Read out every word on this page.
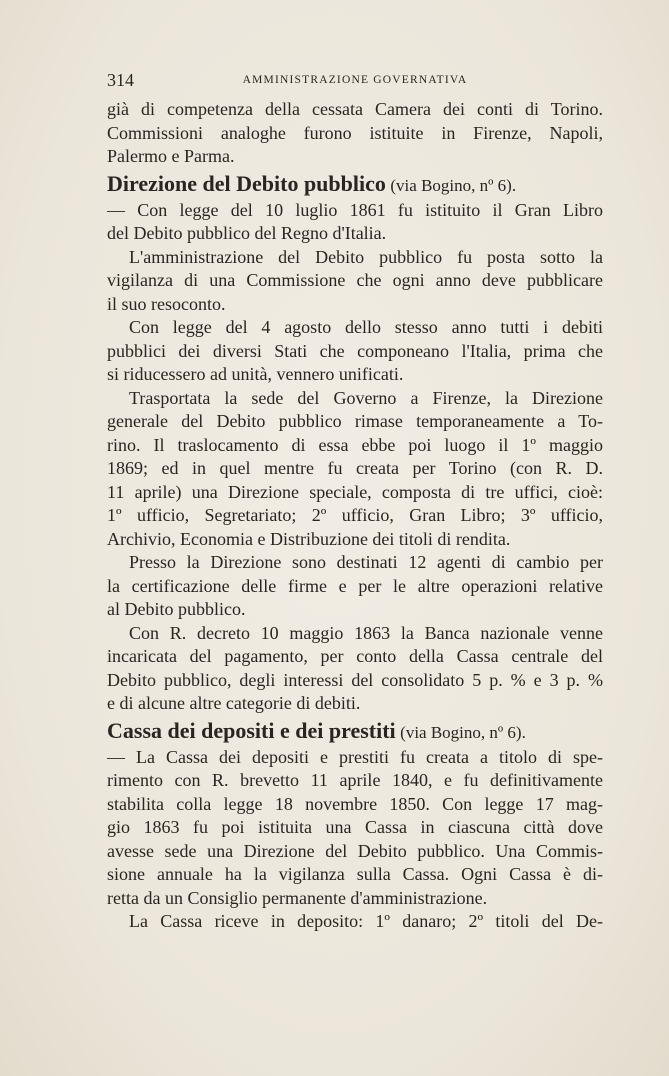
314	AMMINISTRAZIONE GOVERNATIVA
già di competenza della cessata Camera dei conti di Torino.
Commissioni analoghe furono istituite in Firenze, Napoli,
Palermo e Parma.
Direzione del Debito pubblico (via Bogino, nº 6).
— Con legge del 10 luglio 1861 fu istituito il Gran Libro
del Debito pubblico del Regno d'Italia.
L'amministrazione del Debito pubblico fu posta sotto la
vigilanza di una Commissione che ogni anno deve pubblicare
il suo resoconto.
Con legge del 4 agosto dello stesso anno tutti i debiti
pubblici dei diversi Stati che componeano l'Italia, prima che
si riducessero ad unità, vennero unificati.
Trasportata la sede del Governo a Firenze, la Direzione
generale del Debito pubblico rimase temporaneamente a To-
rino. Il traslocamento di essa ebbe poi luogo il 1º maggio
1869; ed in quel mentre fu creata per Torino (con R. D.
11 aprile) una Direzione speciale, composta di tre uffici, cioè:
1º ufficio, Segretariato; 2º ufficio, Gran Libro; 3º ufficio,
Archivio, Economia e Distribuzione dei titoli di rendita.
Presso la Direzione sono destinati 12 agenti di cambio per
la certificazione delle firme e per le altre operazioni relative
al Debito pubblico.
Con R. decreto 10 maggio 1863 la Banca nazionale venne
incaricata del pagamento, per conto della Cassa centrale del
Debito pubblico, degli interessi del consolidato 5 p. % e 3 p. %
e di alcune altre categorie di debiti.
Cassa dei depositi e dei prestiti (via Bogino, nº 6).
— La Cassa dei depositi e prestiti fu creata a titolo di spe-
rimento con R. brevetto 11 aprile 1840, e fu definitivamente
stabilita colla legge 18 novembre 1850. Con legge 17 mag-
gio 1863 fu poi istituita una Cassa in ciascuna città dove
avesse sede una Direzione del Debito pubblico. Una Commis-
sione annuale ha la vigilanza sulla Cassa. Ogni Cassa è di-
retta da un Consiglio permanente d'amministrazione.
La Cassa riceve in deposito: 1º danaro; 2º titoli del De-
